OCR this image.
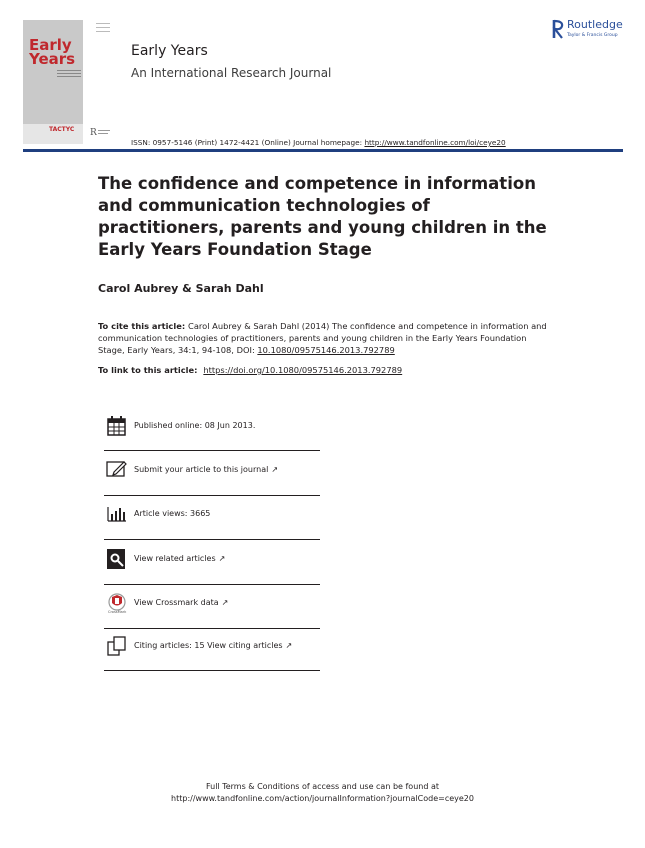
Early
Years
TACTYC R
Early Years
An International Research Journal
ISSN: 0957-5146 (Print) 1472-4421 (Online) Journal homepage: http://www.tandfonline.com/loi/ceye20
Routledge
Taylor & Francis Group
The confidence and competence in information and communication technologies of practitioners, parents and young children in the Early Years Foundation Stage
Carol Aubrey & Sarah Dahl
To cite this article: Carol Aubrey & Sarah Dahl (2014) The confidence and competence in information and communication technologies of practitioners, parents and young children in the Early Years Foundation Stage, Early Years, 34:1, 94-108, DOI: 10.1080/09575146.2013.792789
To link to this article: https://doi.org/10.1080/09575146.2013.792789
Published online: 08 Jun 2013.
Submit your article to this journal ↗
Article views: 3665
View related articles ↗
CrossMark
View Crossmark data ↗
Citing articles: 15 View citing articles ↗
Full Terms & Conditions of access and use can be found at
http://www.tandfonline.com/action/journalInformation?journalCode=ceye20
